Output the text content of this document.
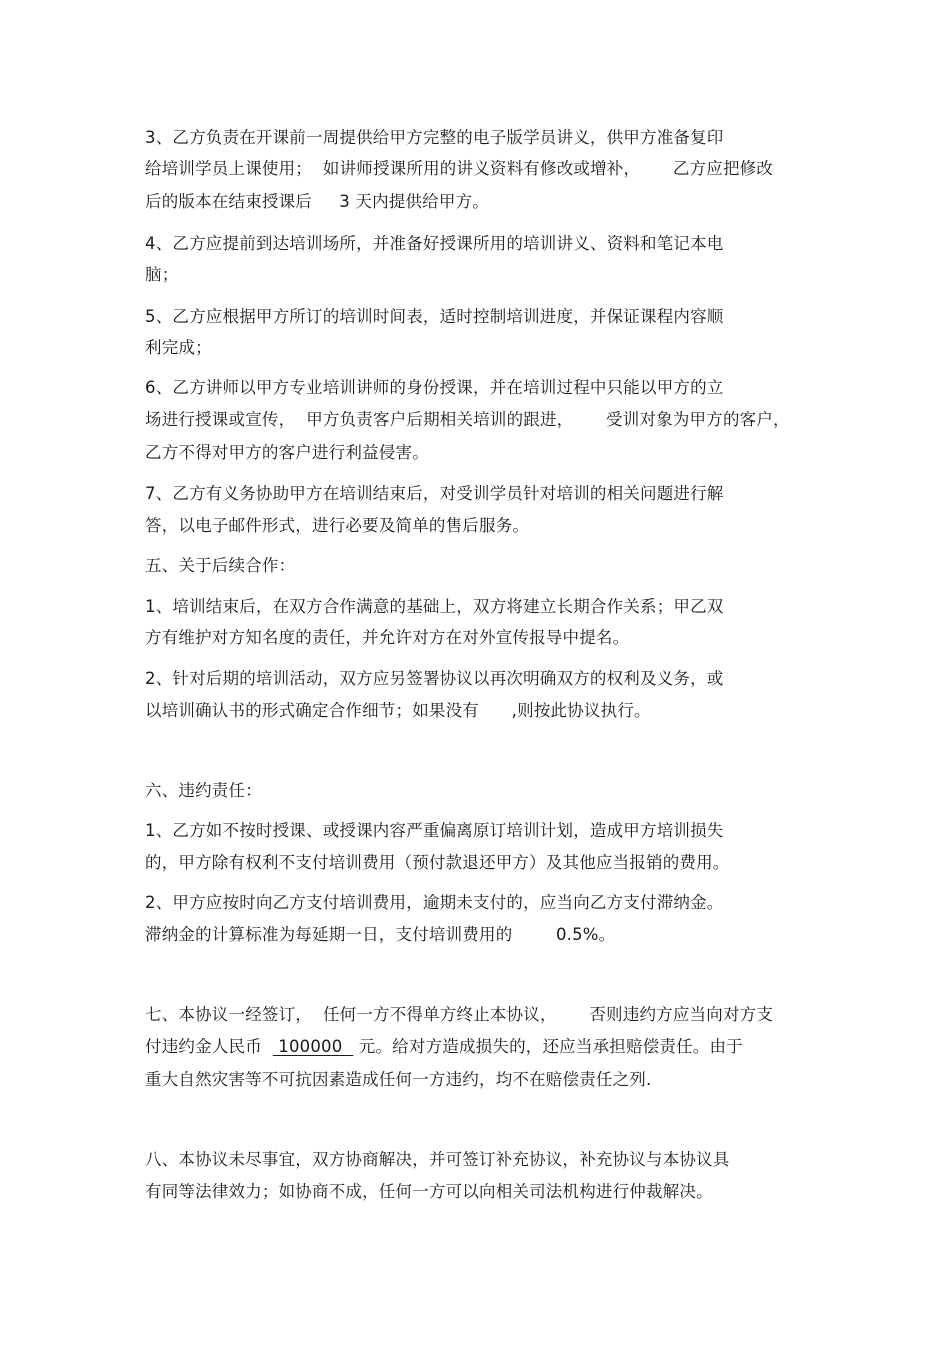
3、乙方负责在开课前一周提供给甲方完整的电子版学员讲义，供甲方准备复印
给培训学员上课使用；  如讲师授课所用的讲义资料有修改或增补，      乙方应把修改
后的版本在结束授课后     3 天内提供给甲方。
4、乙方应提前到达培训场所，并准备好授课所用的培训讲义、资料和笔记本电
脑；
5、乙方应根据甲方所订的培训时间表，适时控制培训进度，并保证课程内容顺
利完成；
6、乙方讲师以甲方专业培训讲师的身份授课，并在培训过程中只能以甲方的立
场进行授课或宣传，  甲方负责客户后期相关培训的跟进，      受训对象为甲方的客户，
乙方不得对甲方的客户进行利益侵害。
7、乙方有义务协助甲方在培训结束后，对受训学员针对培训的相关问题进行解
答，以电子邮件形式，进行必要及简单的售后服务。
五、关于后续合作：
1、培训结束后，在双方合作满意的基础上，双方将建立长期合作关系；甲乙双
方有维护对方知名度的责任，并允许对方在对外宣传报导中提名。
2、针对后期的培训活动，双方应另签署协议以再次明确双方的权利及义务，或
以培训确认书的形式确定合作细节；如果没有      ,则按此协议执行。
六、违约责任：
1、乙方如不按时授课、或授课内容严重偏离原订培训计划，造成甲方培训损失
的，甲方除有权利不支付培训费用（预付款退还甲方）及其他应当报销的费用。
2、甲方应按时向乙方支付培训费用，逾期未支付的，应当向乙方支付滞纳金。
滞纳金的计算标准为每延期一日，支付培训费用的        0.5%。
七、本协议一经签订，  任何一方不得单方终止本协议，      否则违约方应当向对方支
付违约金人民币   100000   元。给对方造成损失的，还应当承担赔偿责任。由于
重大自然灾害等不可抗因素造成任何一方违约，均不在赔偿责任之列.
八、本协议未尽事宜，双方协商解决，并可签订补充协议，补充协议与本协议具
有同等法律效力；如协商不成，任何一方可以向相关司法机构进行仲裁解决。
